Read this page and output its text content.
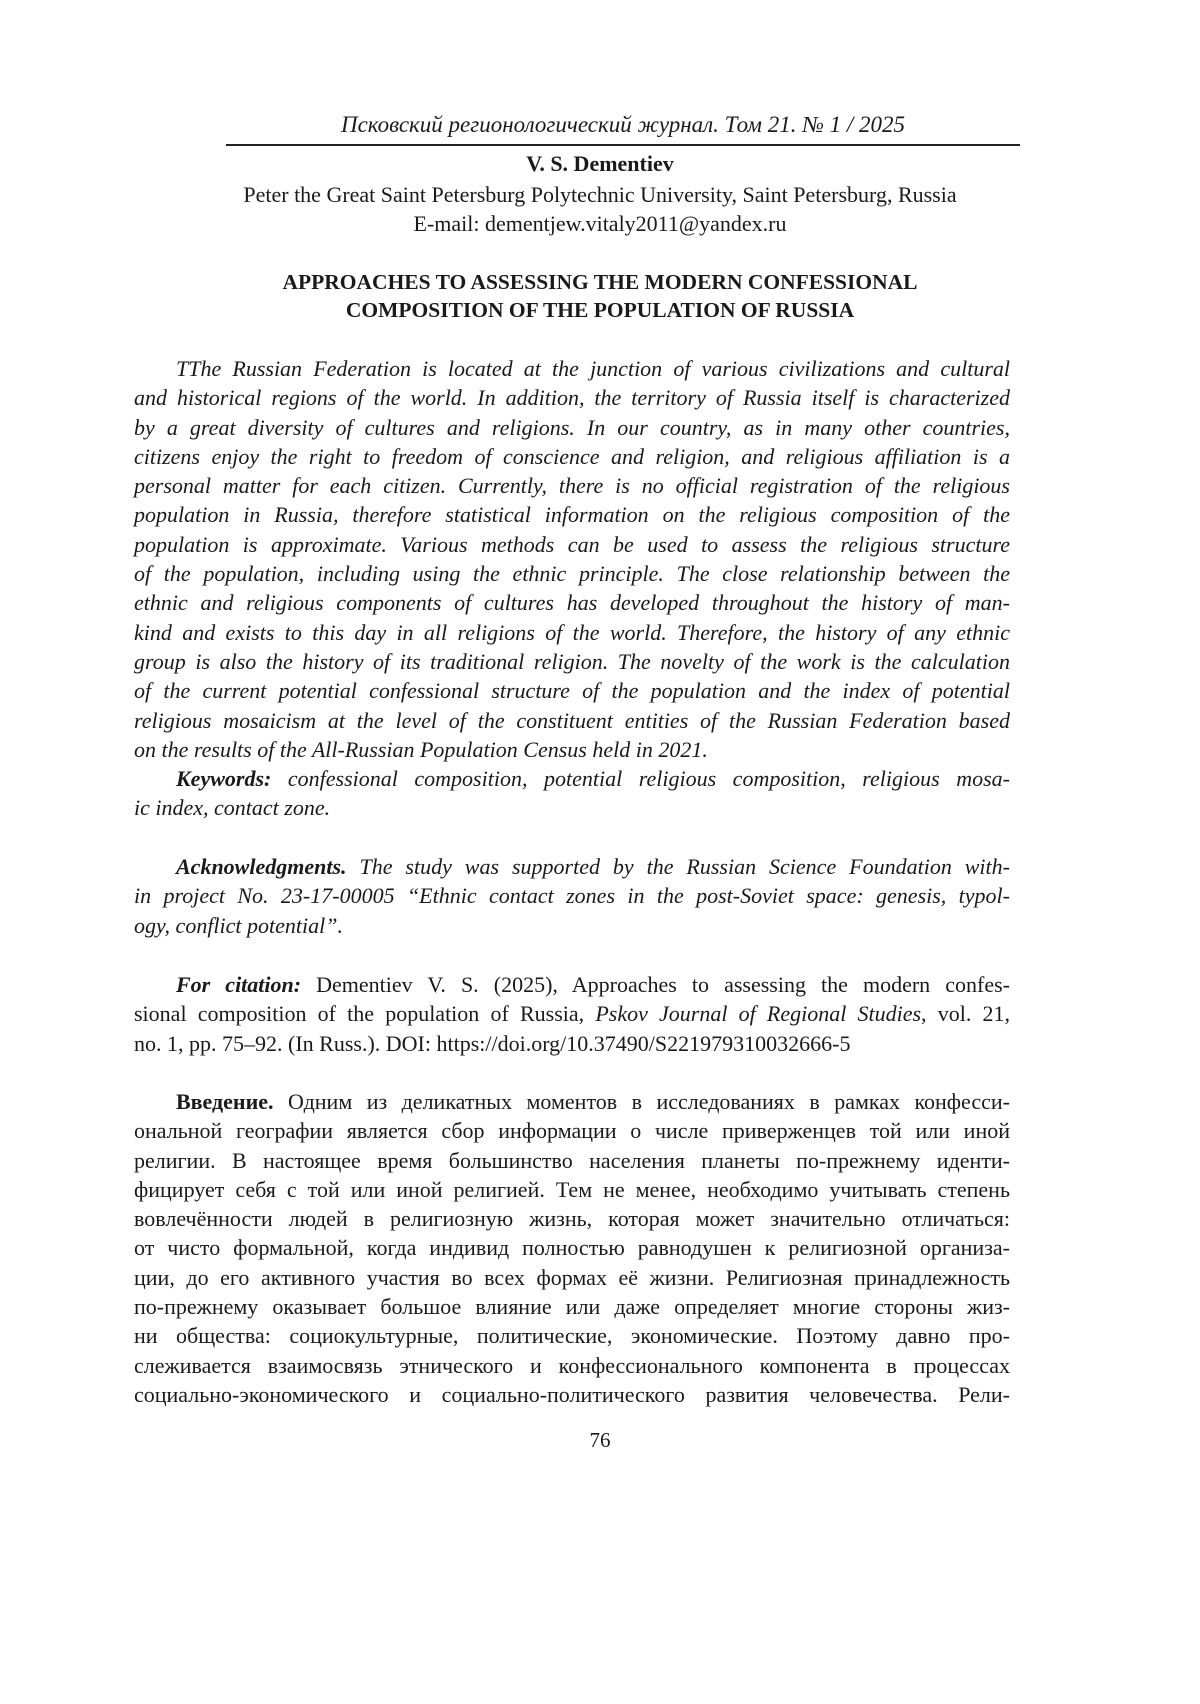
Псковский регионологический журнал. Том 21. № 1 / 2025
V. S. Dementiev
Peter the Great Saint Petersburg Polytechnic University, Saint Petersburg, Russia
E-mail: dementjew.vitaly2011@yandex.ru
APPROACHES TO ASSESSING THE MODERN CONFESSIONAL
COMPOSITION OF THE POPULATION OF RUSSIA
TThe Russian Federation is located at the junction of various civilizations and cultural
and historical regions of the world. In addition, the territory of Russia itself is characterized
by a great diversity of cultures and religions. In our country, as in many other countries,
citizens enjoy the right to freedom of conscience and religion, and religious affiliation is a
personal matter for each citizen. Currently, there is no official registration of the religious
population in Russia, therefore statistical information on the religious composition of the
population is approximate. Various methods can be used to assess the religious structure
of the population, including using the ethnic principle. The close relationship between the
ethnic and religious components of cultures has developed throughout the history of man-
kind and exists to this day in all religions of the world. Therefore, the history of any ethnic
group is also the history of its traditional religion. The novelty of the work is the calculation
of the current potential confessional structure of the population and the index of potential
religious mosaicism at the level of the constituent entities of the Russian Federation based
on the results of the All-Russian Population Census held in 2021.
Keywords: confessional composition, potential religious composition, religious mosa-
ic index, contact zone.
Acknowledgments. The study was supported by the Russian Science Foundation with-
in project No. 23-17-00005 “Ethnic contact zones in the post-Soviet space: genesis, typol-
ogy, conflict potential”.
For citation: Dementiev V. S. (2025), Approaches to assessing the modern confes-
sional composition of the population of Russia, Pskov Journal of Regional Studies, vol. 21,
no. 1, pp. 75–92. (In Russ.). DOI: https://doi.org/10.37490/S221979310032666-5
Введение. Одним из деликатных моментов в исследованиях в рамках конфесси-
ональной географии является сбор информации о числе приверженцев той или иной
религии. В настоящее время большинство населения планеты по-прежнему иденти-
фицирует себя с той или иной религией. Тем не менее, необходимо учитывать степень
вовлечённости людей в религиозную жизнь, которая может значительно отличаться:
от чисто формальной, когда индивид полностью равнодушен к религиозной организа-
ции, до его активного участия во всех формах её жизни. Религиозная принадлежность
по-прежнему оказывает большое влияние или даже определяет многие стороны жиз-
ни общества: социокультурные, политические, экономические. Поэтому давно про-
слеживается взаимосвязь этнического и конфессионального компонента в процессах
социально-экономического и социально-политического развития человечества. Рели-
76
